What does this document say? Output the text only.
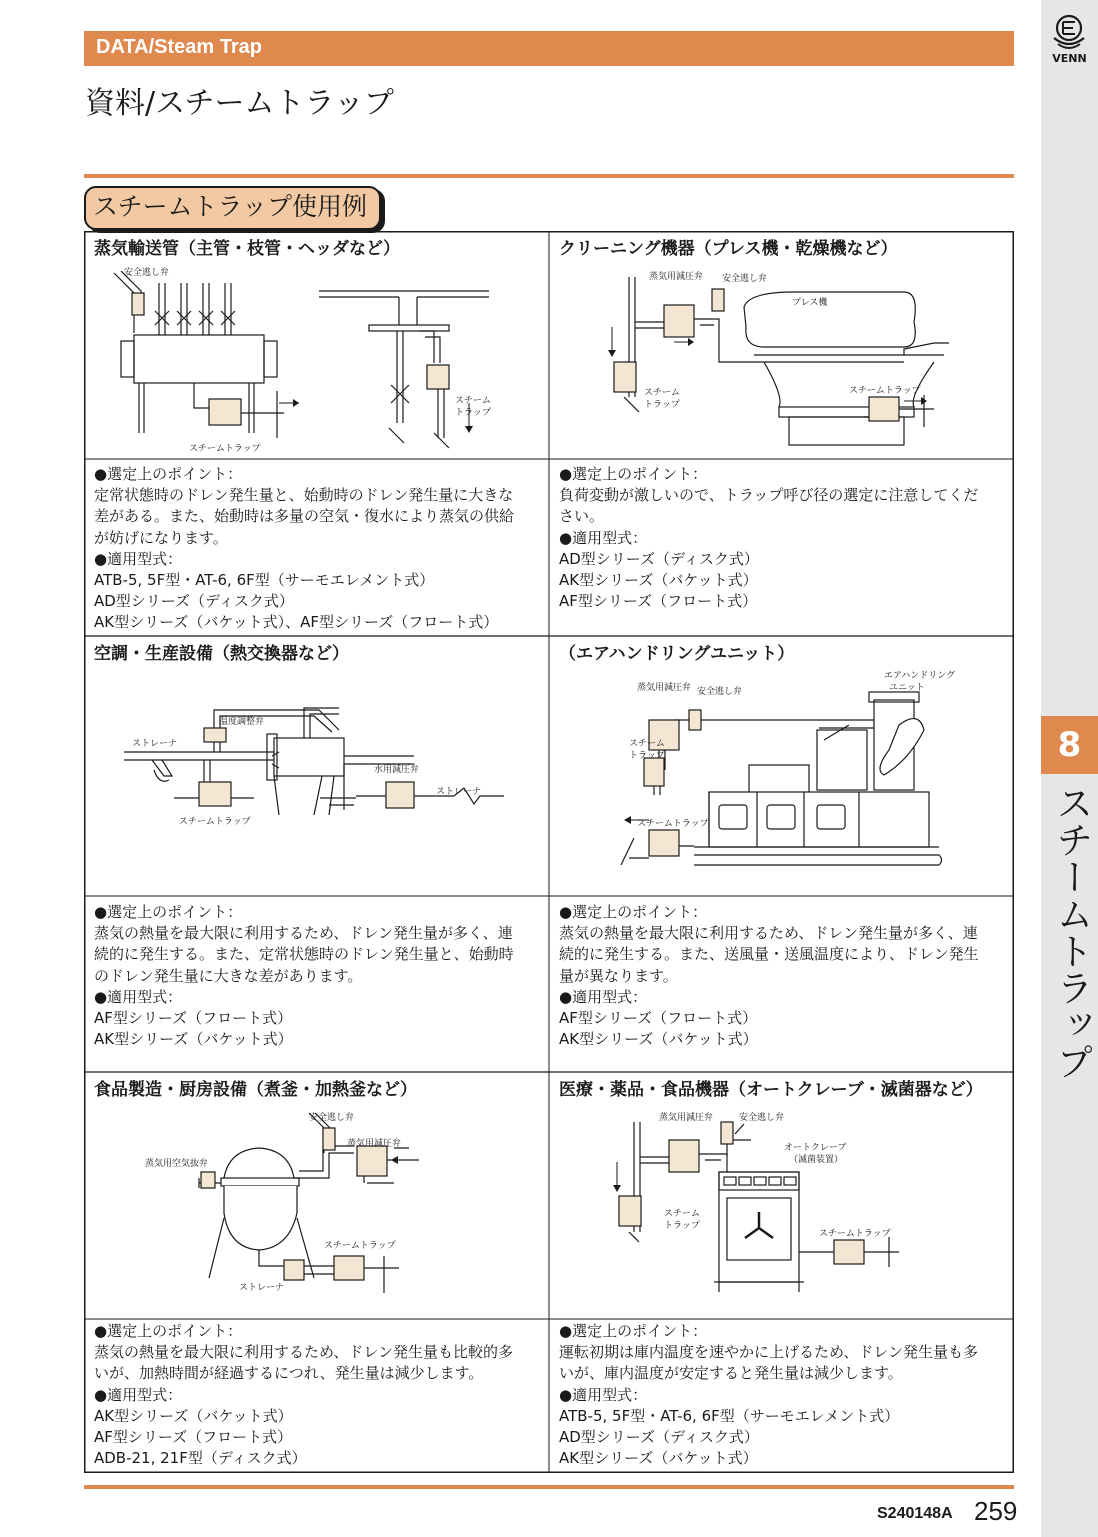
VENN
8
スチームトラップ
DATA/Steam Trap
資料/スチームトラップ
スチームトラップ使用例
蒸気輸送管（主管・枝管・ヘッダなど）
安全逃し弁
スチームトラップ
スチーム
トラップ
●選定上のポイント：
定常状態時のドレン発生量と、始動時のドレン発生量に大きな
差がある。また、始動時は多量の空気・復水により蒸気の供給
が妨げになります。
●適用型式：
ATB-5, 5F型・AT-6, 6F型（サーモエレメント式）
AD型シリーズ（ディスク式）
AK型シリーズ（バケット式）、AF型シリーズ（フロート式）
クリーニング機器（プレス機・乾燥機など）
蒸気用減圧弁 安全逃し弁
プレス機
スチーム
トラップ
スチームトラップ
●選定上のポイント：
負荷変動が激しいので、トラップ呼び径の選定に注意してくだ
さい。
●適用型式：
AD型シリーズ（ディスク式）
AK型シリーズ（バケット式）
AF型シリーズ（フロート式）
空調・生産設備（熱交換器など）
温度調整弁
ストレーナ
水用減圧弁
ストレーナ
スチームトラップ
●選定上のポイント：
蒸気の熱量を最大限に利用するため、ドレン発生量が多く、連
続的に発生する。また、定常状態時のドレン発生量と、始動時
のドレン発生量に大きな差があります。
●適用型式：
AF型シリーズ（フロート式）
AK型シリーズ（バケット式）
（エアハンドリングユニット）
エアハンドリング
ユニット
蒸気用減圧弁 安全逃し弁
スチーム
トラップ
スチームトラップ
●選定上のポイント：
蒸気の熱量を最大限に利用するため、ドレン発生量が多く、連
続的に発生する。また、送風量・送風温度により、ドレン発生
量が異なります。
●適用型式：
AF型シリーズ（フロート式）
AK型シリーズ（バケット式）
食品製造・厨房設備（煮釜・加熱釜など）
安全逃し弁
蒸気用減圧弁
蒸気用空気抜弁
スチームトラップ
ストレーナ
●選定上のポイント：
蒸気の熱量を最大限に利用するため、ドレン発生量も比較的多
いが、加熱時間が経過するにつれ、発生量は減少します。
●適用型式：
AK型シリーズ（バケット式）
AF型シリーズ（フロート式）
ADB-21, 21F型（ディスク式）
医療・薬品・食品機器（オートクレーブ・滅菌器など）
蒸気用減圧弁	安全逃し弁
オートクレーブ
（滅菌装置）
スチーム
トラップ
スチームトラップ
●選定上のポイント：
運転初期は庫内温度を速やかに上げるため、ドレン発生量も多
いが、庫内温度が安定すると発生量は減少します。
●適用型式：
ATB-5, 5F型・AT-6, 6F型（サーモエレメント式）
AD型シリーズ（ディスク式）
AK型シリーズ（バケット式）
S240148A 259
